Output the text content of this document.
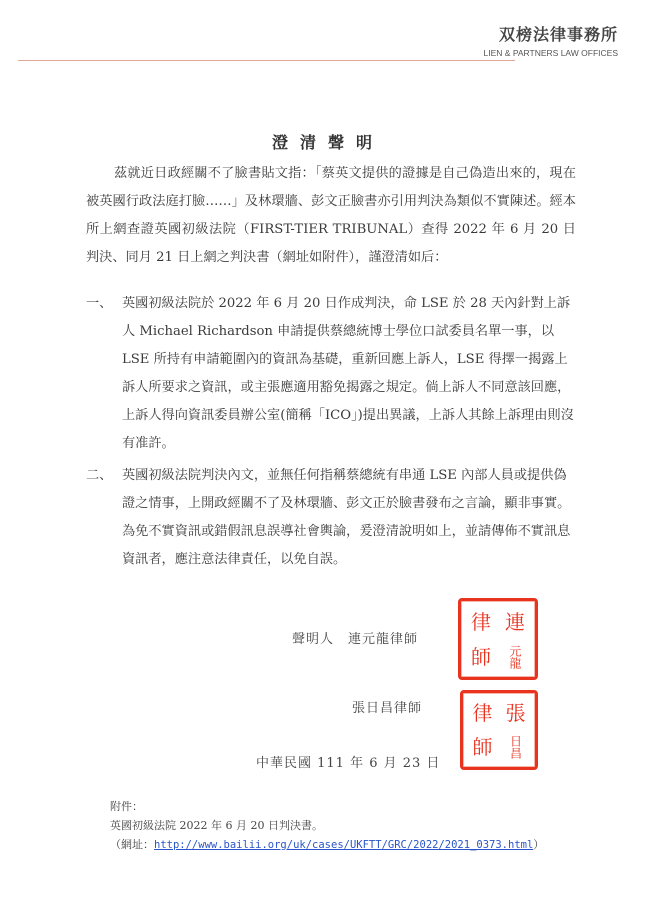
双榜法律事務所
LIEN & PARTNERS LAW OFFICES
澄清聲明
茲就近日政經關不了臉書貼文指：「蔡英文提供的證據是自己偽造出來的，現在被英國行政法庭打臉……」及林環牆、彭文正臉書亦引用判決為類似不實陳述。經本所上網查證英國初級法院（FIRST-TIER TRIBUNAL）查得 2022 年 6 月 20 日判決、同月 21 日上網之判決書（網址如附件），謹澄清如后：
一、 英國初級法院於 2022 年 6 月 20 日作成判決，命 LSE 於 28 天內針對上訴人 Michael Richardson 申請提供蔡總統博士學位口試委員名單一事，以 LSE 所持有申請範圍內的資訊為基礎，重新回應上訴人，LSE 得擇一揭露上訴人所要求之資訊，或主張應適用豁免揭露之規定。倘上訴人不同意該回應，上訴人得向資訊委員辦公室(簡稱「ICO」)提出異議，上訴人其餘上訴理由則沒有准許。
二、 英國初級法院判決內文，並無任何指稱蔡總統有串通 LSE 內部人員或提供偽證之情事，上開政經關不了及林環牆、彭文正於臉書發布之言論，顯非事實。為免不實資訊或錯假訊息誤導社會輿論，爰澄清說明如上，並請傳佈不實訊息資訊者，應注意法律責任，以免自誤。
聲明人 連元龍律師
律 連
師	元龍
張日昌律師	律 張
師	日昌
中華民國 111 年 6 月 23 日
附件：
英國初級法院 2022 年 6 月 20 日判決書。
（網址：http://www.bailii.org/uk/cases/UKFTT/GRC/2022/2021_0373.html）
